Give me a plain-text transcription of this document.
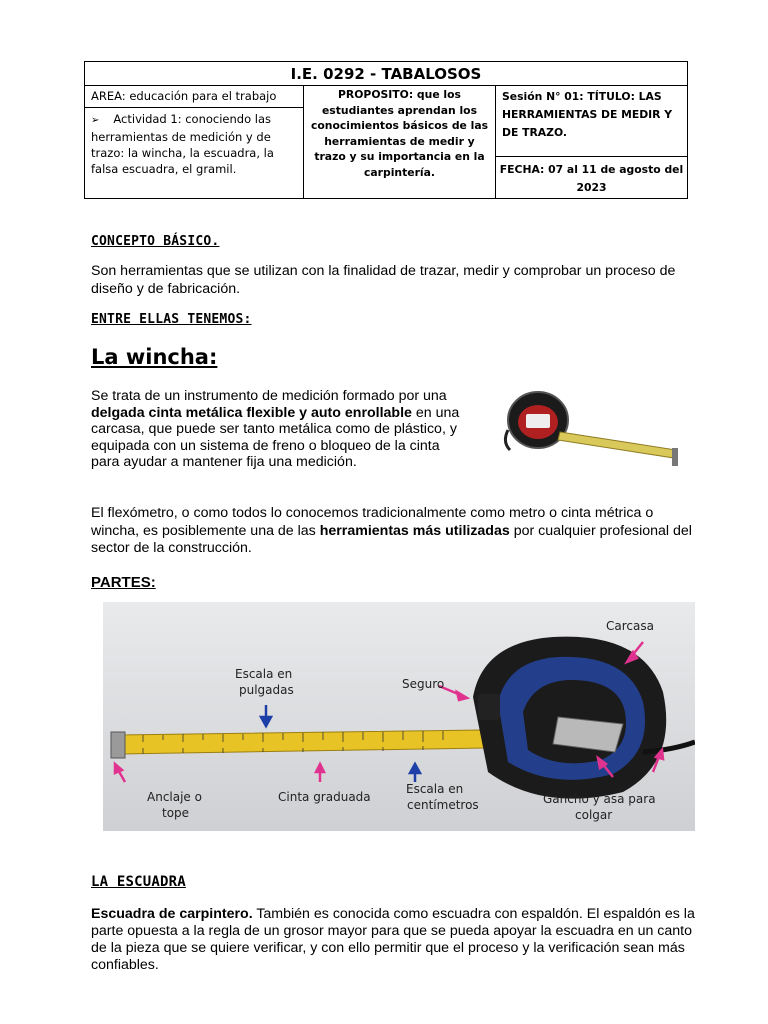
I.E. 0292 - TABALOSOS
AREA: educación para el trabajo
➢ Actividad 1: conociendo las herramientas de medición y de trazo: la wincha, la escuadra, la falsa escuadra, el gramil.
PROPOSITO: que los estudiantes aprendan los conocimientos básicos de las herramientas de medir y trazo y su importancia en la carpintería.
Sesión N° 01: TÍTULO: LAS HERRAMIENTAS DE MEDIR Y DE TRAZO.
FECHA: 07 al 11 de agosto del 2023
CONCEPTO BÁSICO.
Son herramientas que se utilizan con la finalidad de trazar, medir y comprobar un proceso de diseño y de fabricación.
ENTRE ELLAS TENEMOS:
La wincha:
Se trata de un instrumento de medición formado por una delgada cinta metálica flexible y auto enrollable en una carcasa, que puede ser tanto metálica como de plástico, y equipada con un sistema de freno o bloqueo de la cinta para ayudar a mantener fija una medición.
El flexómetro, o como todos lo conocemos tradicionalmente como metro o cinta métrica o wincha, es posiblemente una de las herramientas más utilizadas por cualquier profesional del sector de la construcción.
PARTES:
Carcasa
Escala en
pulgadas	Seguro
Anclaje o
tope
Cinta graduada
Escala en
centímetros	Gancho y asa para
colgar
LA ESCUADRA
Escuadra de carpintero. También es conocida como escuadra con espaldón. El espaldón es la parte opuesta a la regla de un grosor mayor para que se pueda apoyar la escuadra en un canto de la pieza que se quiere verificar, y con ello permitir que el proceso y la verificación sean más confiables.
